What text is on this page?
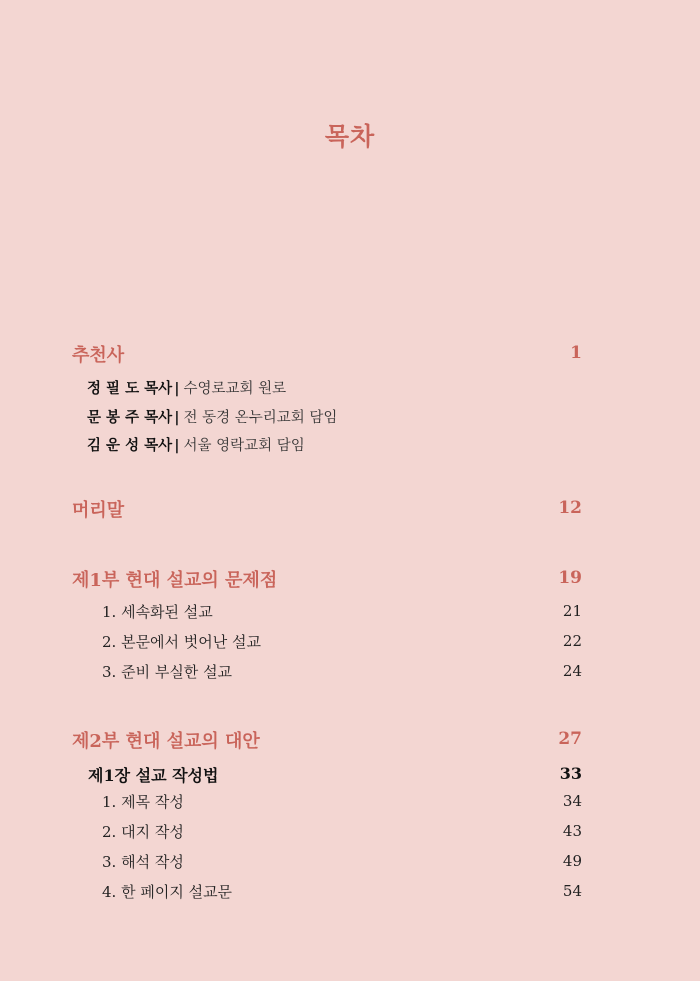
목차
추천사	1
정 필 도 목사 | 수영로교회 원로
문 봉 주 목사 | 전 동경 온누리교회 담임
김 운 성 목사 | 서울 영락교회 담임
머리말	12
제1부 현대 설교의 문제점	19
1. 세속화된 설교	21
2. 본문에서 벗어난 설교	22
3. 준비 부실한 설교	24
제2부 현대 설교의 대안	27
제1장 설교 작성법	33
1. 제목 작성	34
2. 대지 작성	43
3. 해석 작성	49
4. 한 페이지 설교문	54
